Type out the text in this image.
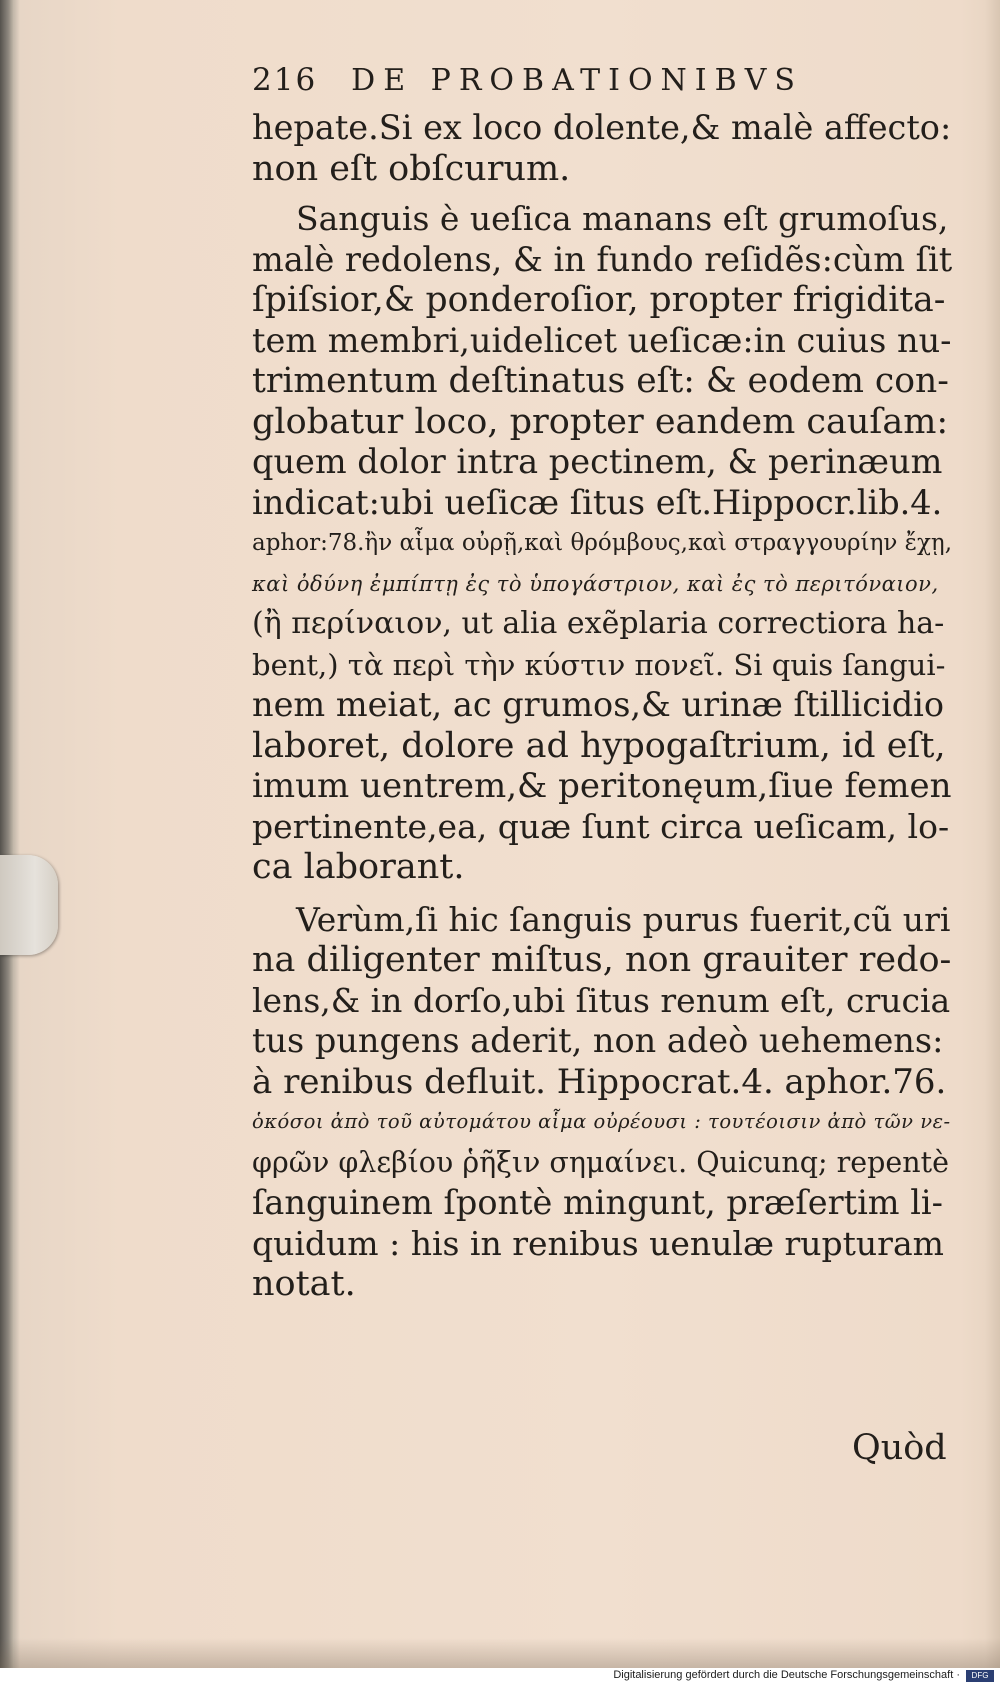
216 DE PROBATIONIBVS
hepate.Si ex loco dolente,& malè affecto:
non eſt obſcurum.
Sanguis è ueſica manans eſt grumoſus,
malè redolens, & in fundo reſidẽs:cùm ſit
ſpiſsior,& ponderoſior, propter frigidita-
tem membri,uidelicet ueſicæ:in cuius nu-
trimentum deſtinatus eſt: & eodem con-
globatur loco, propter eandem cauſam:
quem dolor intra pectinem, & perinæum
indicat:ubi ueſicæ ſitus eſt.Hippocr.lib.4.
aphor:78.ἢν αἷμα οὐρῇ,καὶ θρόμβους,καὶ στραγγουρίην ἔχῃ,
καὶ ὀδύνη ἐμπίπτῃ ἐς τὸ ὑπογάστριον, καὶ ἐς τὸ περιτόναιον,
(ἢ περίναιον, ut alia exẽplaria correctiora ha-
bent,) τὰ περὶ τὴν κύστιν πονεῖ. Si quis ſangui-
nem meiat, ac grumos,& urinæ ſtillicidio
laboret, dolore ad hypogaſtrium, id eſt,
imum uentrem,& peritonęum,ſiue femen
pertinente,ea, quæ ſunt circa ueſicam, lo-
ca laborant.
Verùm,ſi hic ſanguis purus fuerit,cũ uri
na diligenter miſtus, non grauiter redo-
lens,& in dorſo,ubi ſitus renum eſt, crucia
tus pungens aderit, non adeò uehemens:
à renibus defluit. Hippocrat.4. aphor.76.
ὁκόσοι ἀπὸ τοῦ αὐτομάτου αἷμα οὐρέουσι : τουτέοισιν ἀπὸ τῶν νε-
φρῶν φλεβίου ῥῆξιν σημαίνει. Quicunq; repentè
ſanguinem ſpontè mingunt, præſertim li-
quidum : his in renibus uenulæ rupturam
notat.
Quòd
Digitalisierung gefördert durch die Deutsche Forschungsgemeinschaft ·	DFG
